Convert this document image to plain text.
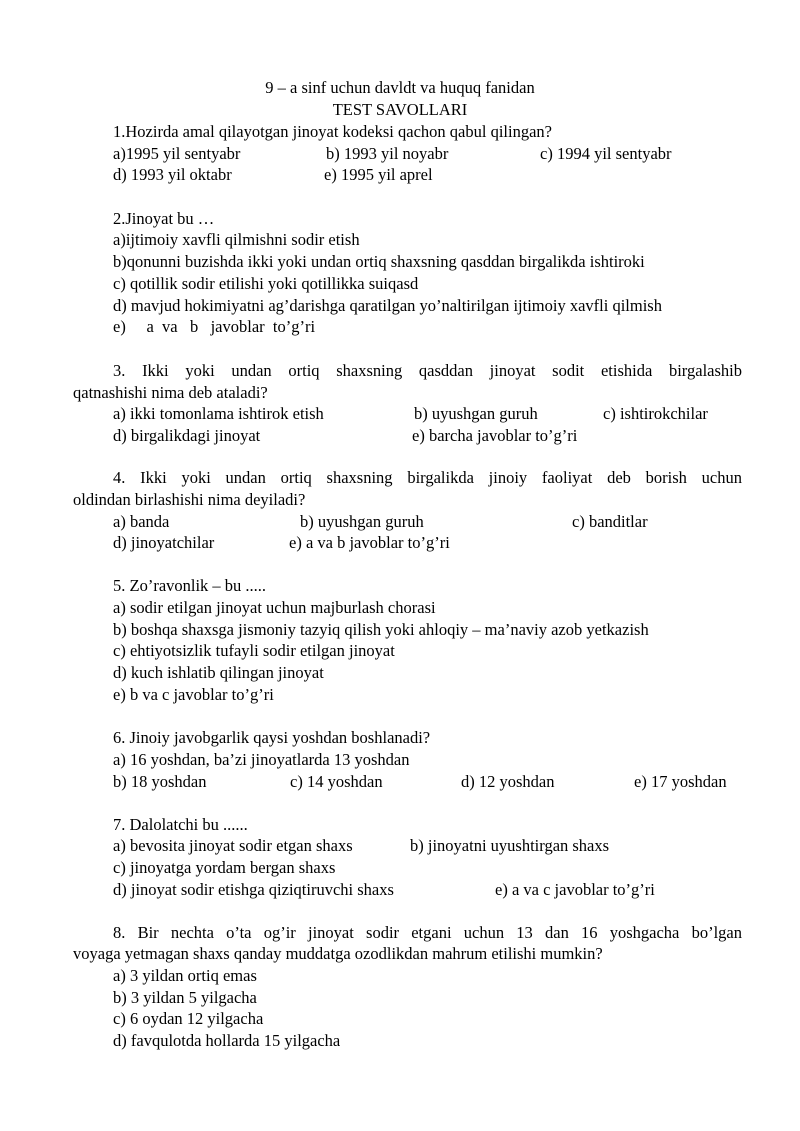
9 – a sinf uchun davldt va huquq fanidan
TEST SAVOLLARI
1.Hozirda amal qilayotgan jinoyat kodeksi qachon qabul qilingan?
a)1995 yil sentyabr	b) 1993 yil noyabr	c) 1994 yil sentyabr
d) 1993 yil oktabr	e) 1995 yil aprel
2.Jinoyat bu …
a)ijtimoiy xavfli qilmishni sodir etish
b)qonunni buzishda ikki yoki undan ortiq shaxsning qasddan birgalikda ishtiroki
c) qotillik sodir etilishi yoki qotillikka suiqasd
d) mavjud hokimiyatni ag’darishga qaratilgan yo’naltirilgan ijtimoiy xavfli qilmish
e)     a  va   b   javoblar  to’g’ri
3. Ikki yoki undan ortiq shaxsning qasddan jinoyat sodit etishida birgalashib
qatnashishi nima deb ataladi?
a) ikki tomonlama ishtirok etish	b) uyushgan guruh	c) ishtirokchilar
d) birgalikdagi jinoyat	e) barcha javoblar to’g’ri
4. Ikki yoki undan ortiq shaxsning birgalikda jinoiy faoliyat deb borish uchun
oldindan birlashishi nima deyiladi?
a) banda	b) uyushgan guruh	c) banditlar
d) jinoyatchilar	e) a va b javoblar to’g’ri
5. Zo’ravonlik – bu .....
a) sodir etilgan jinoyat uchun majburlash chorasi
b) boshqa shaxsga jismoniy tazyiq qilish yoki ahloqiy – ma’naviy azob yetkazish
c) ehtiyotsizlik tufayli sodir etilgan jinoyat
d) kuch ishlatib qilingan jinoyat
e) b va c javoblar to’g’ri
6. Jinoiy javobgarlik qaysi yoshdan boshlanadi?
a) 16 yoshdan, ba’zi jinoyatlarda 13 yoshdan
b) 18 yoshdan	c) 14 yoshdan	d) 12 yoshdan	e) 17 yoshdan
7. Dalolatchi bu ......
a) bevosita jinoyat sodir etgan shaxs	b) jinoyatni uyushtirgan shaxs
c) jinoyatga yordam bergan shaxs
d) jinoyat sodir etishga qiziqtiruvchi shaxs	e) a va c javoblar to’g’ri
8. Bir nechta o’ta og’ir jinoyat sodir etgani uchun 13 dan 16 yoshgacha bo’lgan
voyaga yetmagan shaxs qanday muddatga ozodlikdan mahrum etilishi mumkin?
a) 3 yildan ortiq emas
b) 3 yildan 5 yilgacha
c) 6 oydan 12 yilgacha
d) favqulotda hollarda 15 yilgacha
